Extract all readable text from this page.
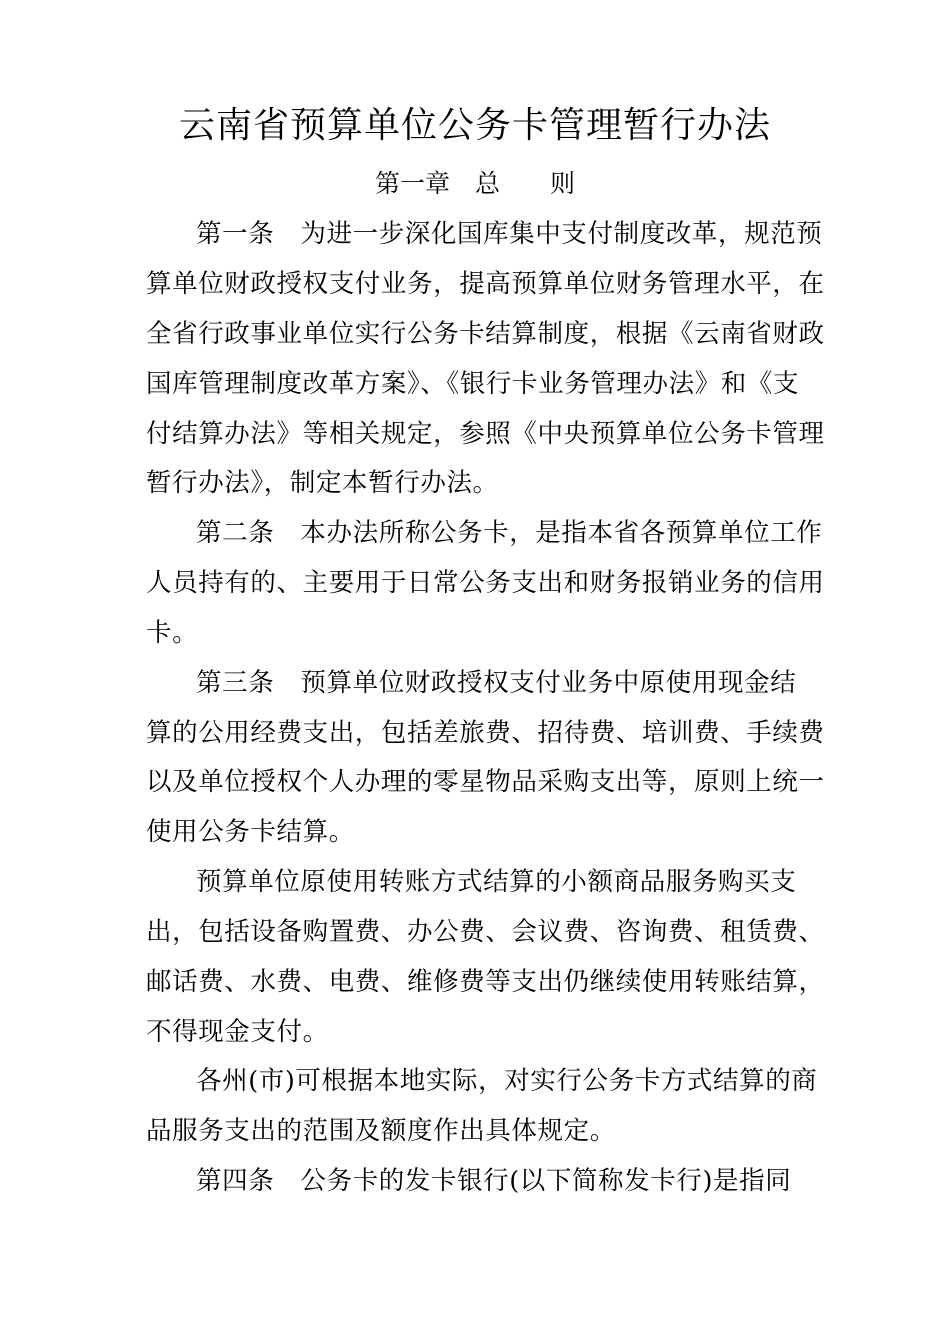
云南省预算单位公务卡管理暂行办法
第一章　总　　则
第一条　为进一步深化国库集中支付制度改革，规范预
算单位财政授权支付业务，提高预算单位财务管理水平，在
全省行政事业单位实行公务卡结算制度，根据《云南省财政
国库管理制度改革方案》、《银行卡业务管理办法》和《支
付结算办法》等相关规定，参照《中央预算单位公务卡管理
暂行办法》，制定本暂行办法。
第二条　本办法所称公务卡，是指本省各预算单位工作
人员持有的、主要用于日常公务支出和财务报销业务的信用
卡。
第三条　预算单位财政授权支付业务中原使用现金结
算的公用经费支出，包括差旅费、招待费、培训费、手续费
以及单位授权个人办理的零星物品采购支出等，原则上统一
使用公务卡结算。
预算单位原使用转账方式结算的小额商品服务购买支
出，包括设备购置费、办公费、会议费、咨询费、租赁费、
邮话费、水费、电费、维修费等支出仍继续使用转账结算，
不得现金支付。
各州(市)可根据本地实际，对实行公务卡方式结算的商
品服务支出的范围及额度作出具体规定。
第四条　公务卡的发卡银行(以下简称发卡行)是指同
